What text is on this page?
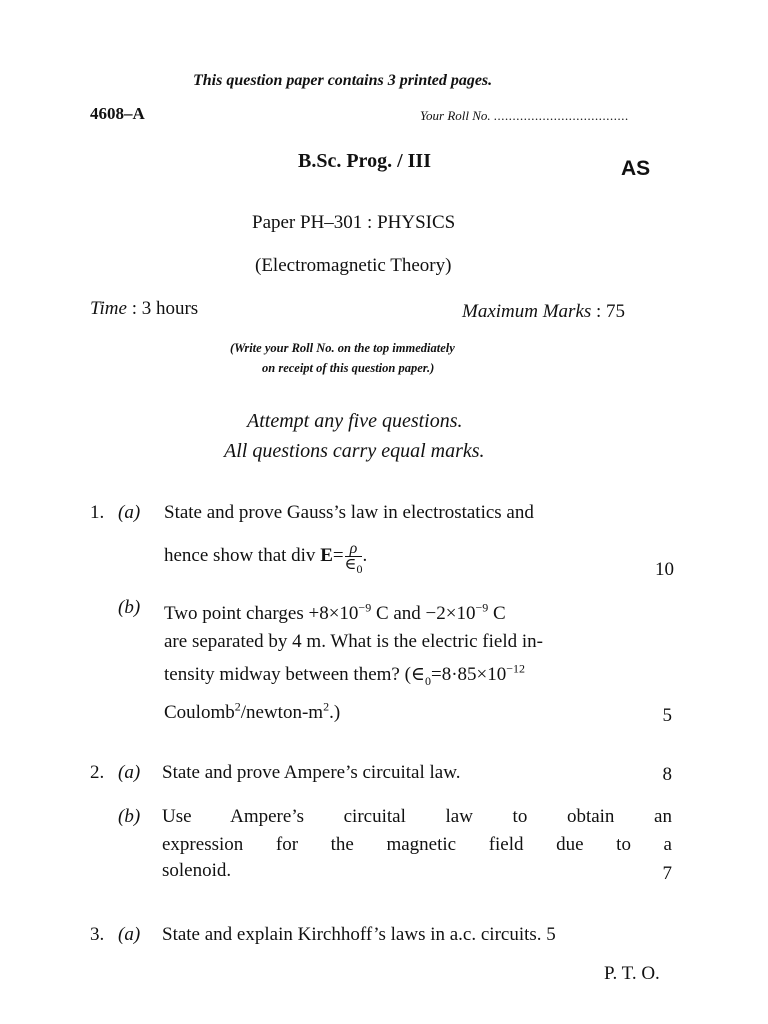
This question paper contains 3 printed pages.
4608–A	Your Roll No. ....................................
B.Sc. Prog. / III	AS
Paper PH–301 : PHYSICS
(Electromagnetic Theory)
Time : 3 hours	Maximum Marks : 75
(Write your Roll No. on the top immediately
on receipt of this question paper.)
Attempt any five questions.
All questions carry equal marks.
1. (a) State and prove Gauss’s law in electrostatics and
hence show that div $E= \frac{\rho}{\in_0}$ .
10
(b) Two point charges $+8\times 10^{-9}$ C and $-2\times 10^{-9}$ C
are separated by 4 m. What is the electric field in-
tensity midway between them? ($\in_0=8\cdot 85\times 10^{-12}$
$Coulomb^2/newton-m^2$.)	5
2. (a) State and prove Ampere’s circuital law.	8
(b) Use Ampere’s circuital law to obtain an
expression for the magnetic field due to a
solenoid.	7
3. (a) State and explain Kirchhoff’s laws in a.c. circuits. 5
P. T. O.
